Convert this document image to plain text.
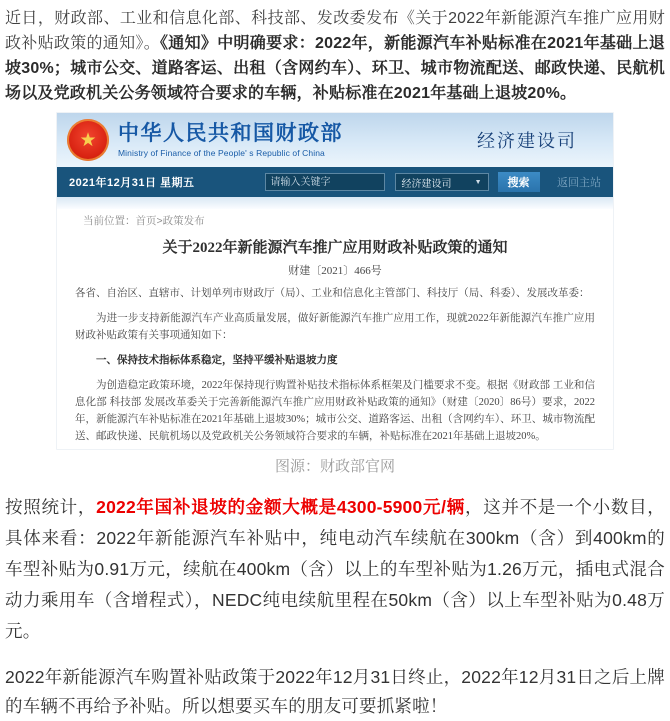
近日，财政部、工业和信息化部、科技部、发改委发布《关于2022年新能源汽车推广应用财政补贴政策的通知》。《通知》中明确要求：2022年，新能源汽车补贴标准在2021年基础上退坡30%；城市公交、道路客运、出租（含网约车）、环卫、城市物流配送、邮政快递、民航机场以及党政机关公务领域符合要求的车辆，补贴标准在2021年基础上退坡20%。
★ 中华人民共和国财政部
Ministry of Finance of the People' s Republic of China
经济建设司
2021年12月31日 星期五
请输入关键字	经济建设司	▼	搜索	返回主站
当前位置：首页>政策发布
关于2022年新能源汽车推广应用财政补贴政策的通知
财建〔2021〕466号

各省、自治区、直辖市、计划单列市财政厅（局）、工业和信息化主管部门、科技厅（局、科委）、发展改革委：

为进一步支持新能源汽车产业高质量发展，做好新能源汽车推广应用工作，现就2022年新能源汽车推广应用财政补贴政策有关事项通知如下：

一、保持技术指标体系稳定，坚持平缓补贴退坡力度

为创造稳定政策环境，2022年保持现行购置补贴技术指标体系框架及门槛要求不变。根据《财政部 工业和信息化部 科技部 发展改革委关于完善新能源汽车推广应用财政补贴政策的通知》（财建〔2020〕86号）要求，2022年，新能源汽车补贴标准在2021年基础上退坡30%；城市公交、道路客运、出租（含网约车）、环卫、城市物流配送、邮政快递、民航机场以及党政机关公务领域符合要求的车辆，补贴标准在2021年基础上退坡20%。

图源：财政部官网

按照统计，2022年国补退坡的金额大概是4300-5900元/辆，这并不是一个小数目，具体来看：2022年新能源汽车补贴中，纯电动汽车续航在300km（含）到400km的车型补贴为0.91万元，续航在400km（含）以上的车型补贴为1.26万元，插电式混合动力乘用车（含增程式），NEDC纯电续航里程在50km（含）以上车型补贴为0.48万元。

2022年新能源汽车购置补贴政策于2022年12月31日终止，2022年12月31日之后上牌的车辆不再给予补贴。所以想要买车的朋友可要抓紧啦！
